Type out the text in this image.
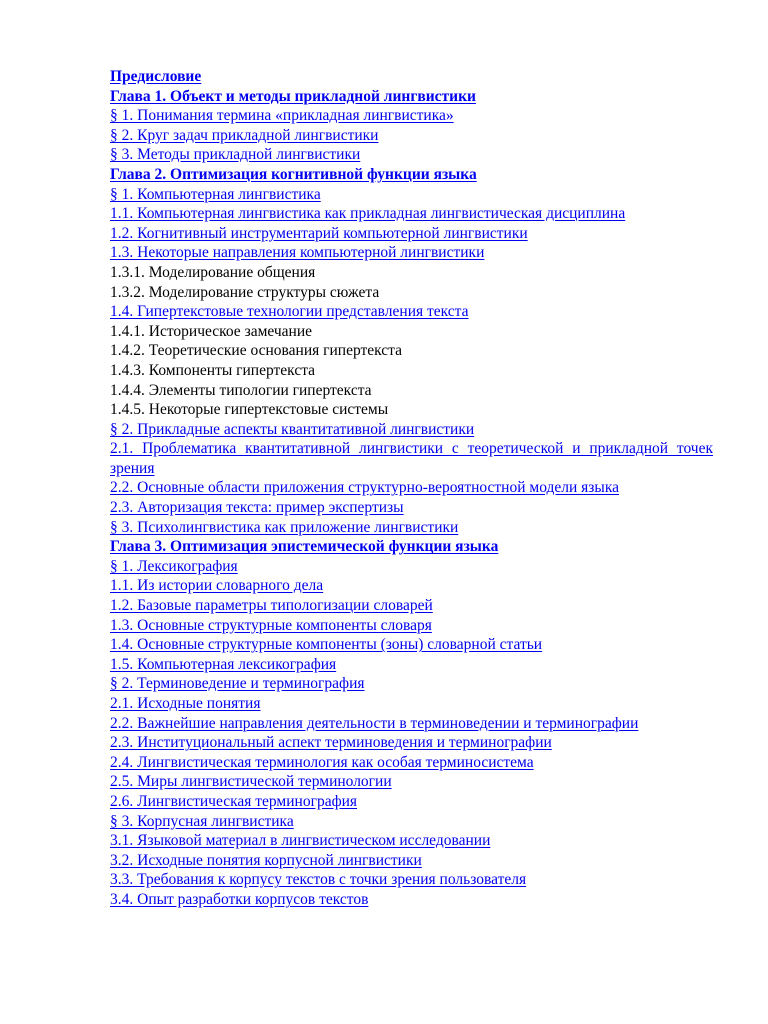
Предисловие
Глава 1. Объект и методы прикладной лингвистики
§ 1. Понимания термина «прикладная лингвистика»
§ 2. Круг задач прикладной лингвистики
§ 3. Методы прикладной лингвистики
Глава 2. Оптимизация когнитивной функции языка
§ 1. Компьютерная лингвистика
1.1. Компьютерная лингвистика как прикладная лингвистическая дисциплина
1.2. Когнитивный инструментарий компьютерной лингвистики
1.3. Некоторые направления компьютерной лингвистики
1.3.1. Моделирование общения
1.3.2. Моделирование структуры сюжета
1.4. Гипертекстовые технологии представления текста
1.4.1. Историческое замечание
1.4.2. Теоретические основания гипертекста
1.4.3. Компоненты гипертекста
1.4.4. Элементы типологии гипертекста
1.4.5. Некоторые гипертекстовые системы
§ 2. Прикладные аспекты квантитативной лингвистики
2.1. Проблематика квантитативной лингвистики с теоретической и прикладной точек зрения
2.2. Основные области приложения структурно-вероятностной модели языка
2.3. Авторизация текста: пример экспертизы
§ 3. Психолингвистика как приложение лингвистики
Глава 3. Оптимизация эпистемической функции языка
§ 1. Лексикография
1.1. Из истории словарного дела
1.2. Базовые параметры типологизации словарей
1.3. Основные структурные компоненты словаря
1.4. Основные структурные компоненты (зоны) словарной статьи
1.5. Компьютерная лексикография
§ 2. Терминоведение и терминография
2.1. Исходные понятия
2.2. Важнейшие направления деятельности в терминоведении и терминографии
2.3. Институциональный аспект терминоведения и терминографии
2.4. Лингвистическая терминология как особая терминосистема
2.5. Миры лингвистической терминологии
2.6. Лингвистическая терминография
§ 3. Корпусная лингвистика
3.1. Языковой материал в лингвистическом исследовании
3.2. Исходные понятия корпусной лингвистики
3.3. Требования к корпусу текстов с точки зрения пользователя
3.4. Опыт разработки корпусов текстов
